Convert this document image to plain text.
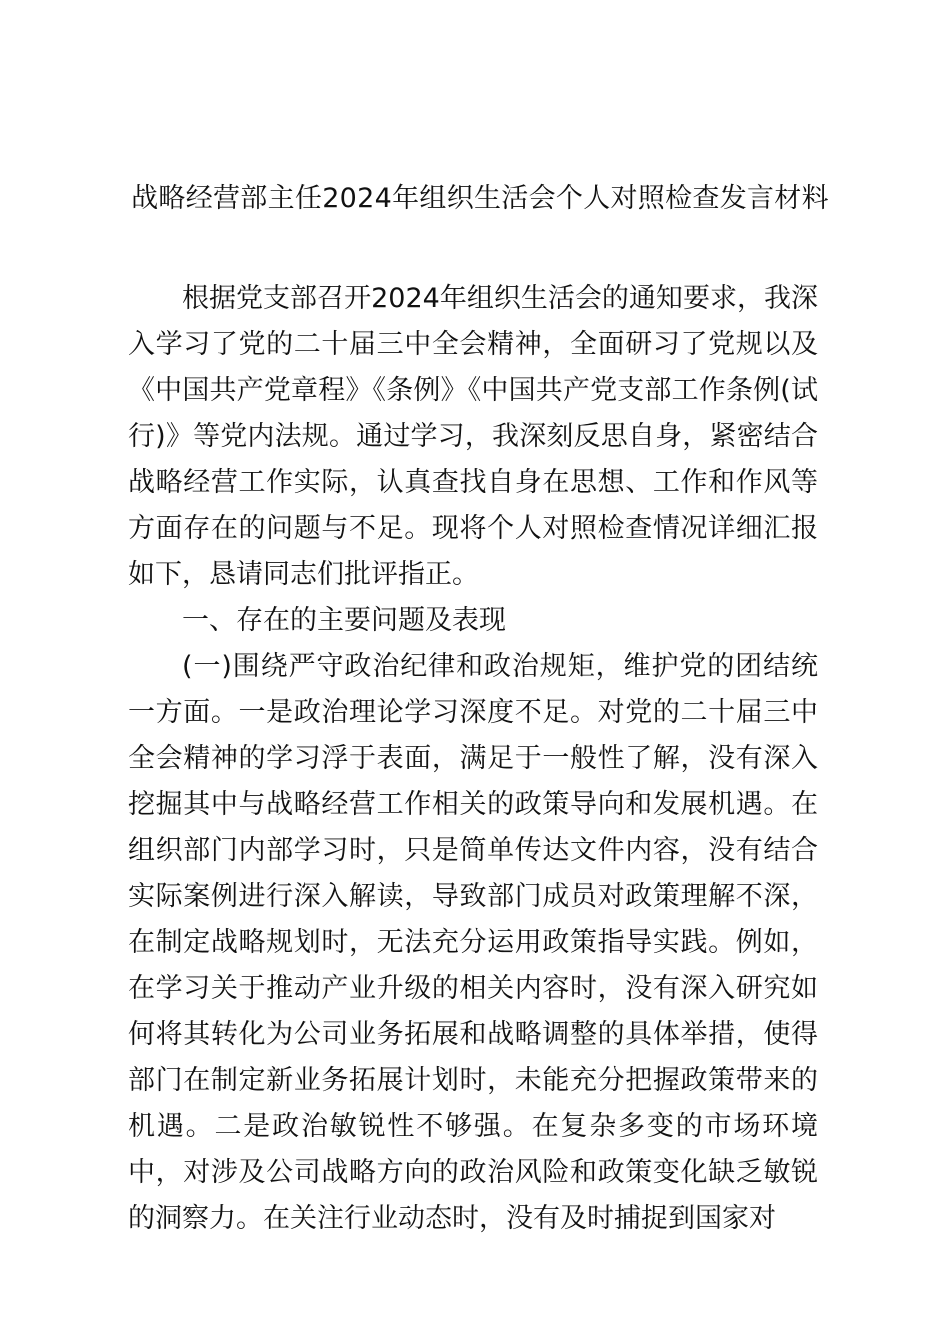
战略经营部主任2024年组织生活会个人对照检查发言材料

根据党支部召开2024年组织生活会的通知要求，我深入学习了党的二十届三中全会精神，全面研习了党规以及《中国共产党章程》《条例》《中国共产党支部工作条例(试行)》等党内法规。通过学习，我深刻反思自身，紧密结合战略经营工作实际，认真查找自身在思想、工作和作风等方面存在的问题与不足。现将个人对照检查情况详细汇报如下，恳请同志们批评指正。

一、存在的主要问题及表现

(一)围绕严守政治纪律和政治规矩，维护党的团结统一方面。一是政治理论学习深度不足。对党的二十届三中全会精神的学习浮于表面，满足于一般性了解，没有深入挖掘其中与战略经营工作相关的政策导向和发展机遇。在组织部门内部学习时，只是简单传达文件内容，没有结合实际案例进行深入解读，导致部门成员对政策理解不深，在制定战略规划时，无法充分运用政策指导实践。例如，在学习关于推动产业升级的相关内容时，没有深入研究如何将其转化为公司业务拓展和战略调整的具体举措，使得部门在制定新业务拓展计划时，未能充分把握政策带来的机遇。二是政治敏锐性不够强。在复杂多变的市场环境中，对涉及公司战略方向的政治风险和政策变化缺乏敏锐的洞察力。在关注行业动态时，没有及时捕捉到国家对
